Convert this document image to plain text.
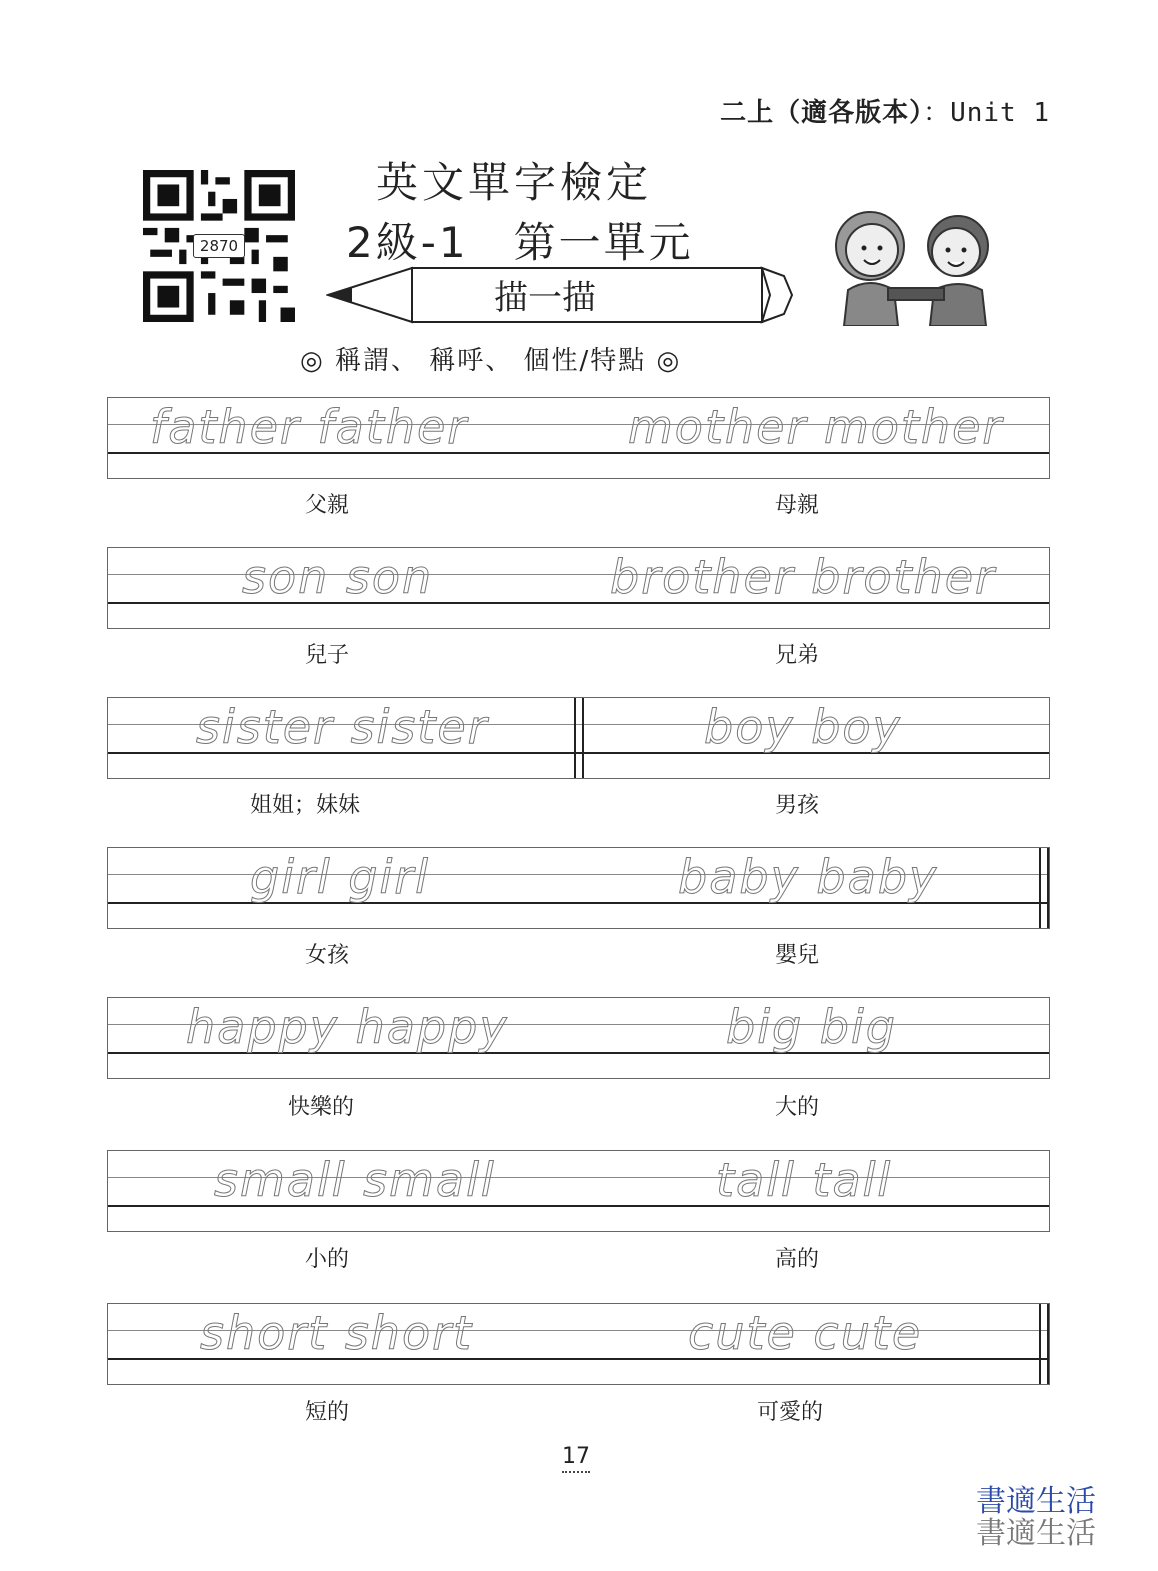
二上（適各版本）：Unit 1
2870
英文單字檢定
2級-1　第一單元
描一描
◎ 稱謂、 稱呼、 個性/特點 ◎
father father	mother mother
父親	母親
son son	brother brother
兒子	兄弟
sister sister	boy boy
姐姐；妹妹	男孩
girl girl	baby baby
女孩	嬰兒
happy happy	big big
快樂的	大的
small small	tall tall
小的	高的
short short	cute cute
短的	可愛的
17
書適生活
書適生活
